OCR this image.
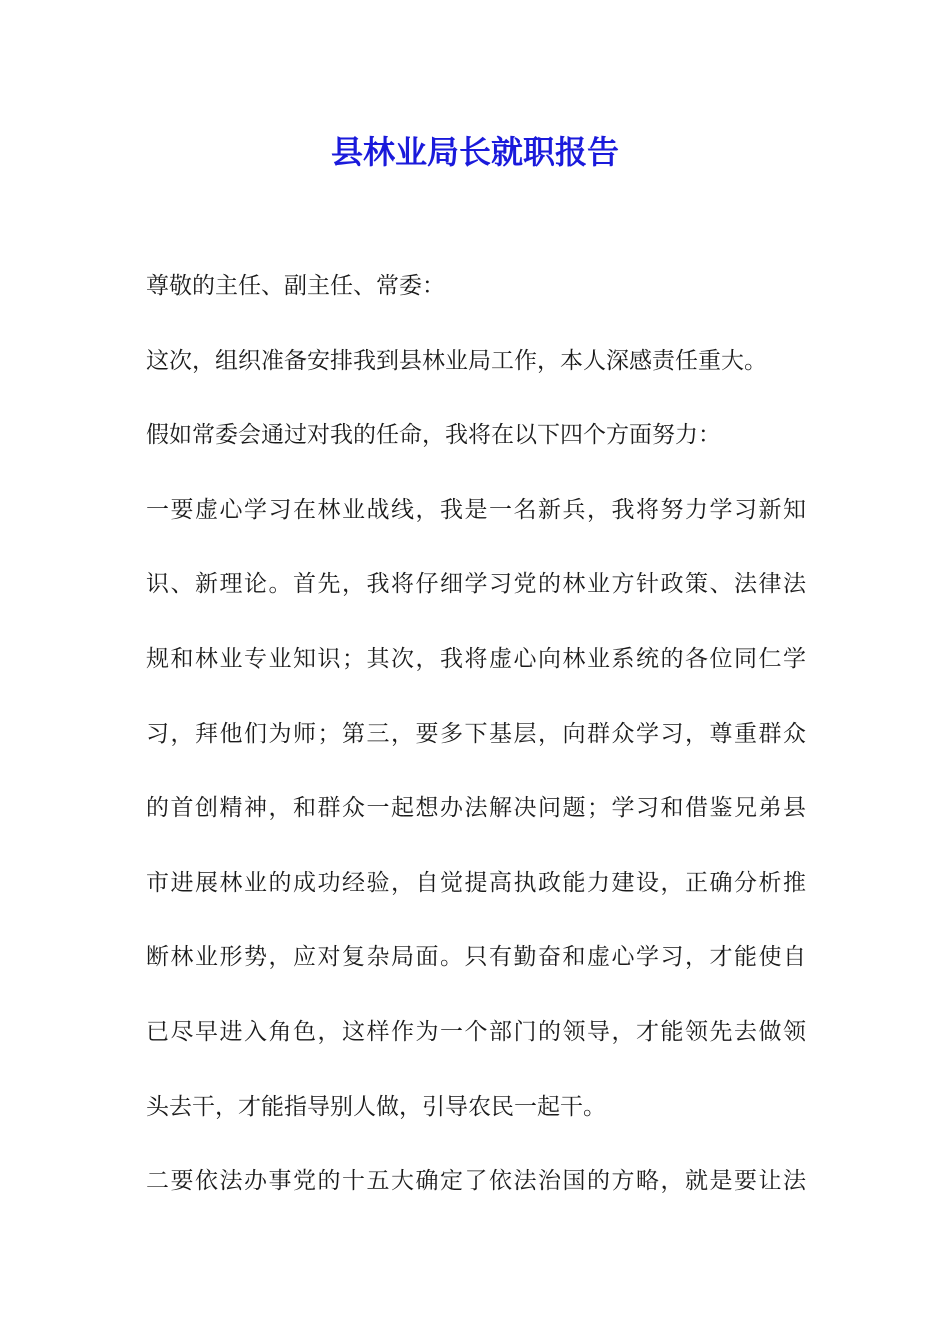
县林业局长就职报告
尊敬的主任、副主任、常委：
这次，组织准备安排我到县林业局工作，本人深感责任重大。
假如常委会通过对我的任命，我将在以下四个方面努力：
一要虚心学习在林业战线，我是一名新兵，我将努力学习新知
识、新理论。首先，我将仔细学习党的林业方针政策、法律法
规和林业专业知识；其次，我将虚心向林业系统的各位同仁学
习，拜他们为师；第三，要多下基层，向群众学习，尊重群众
的首创精神，和群众一起想办法解决问题；学习和借鉴兄弟县
市进展林业的成功经验，自觉提高执政能力建设，正确分析推
断林业形势，应对复杂局面。只有勤奋和虚心学习，才能使自
已尽早进入角色，这样作为一个部门的领导，才能领先去做领
头去干，才能指导别人做，引导农民一起干。
二要依法办事党的十五大确定了依法治国的方略，就是要让法
